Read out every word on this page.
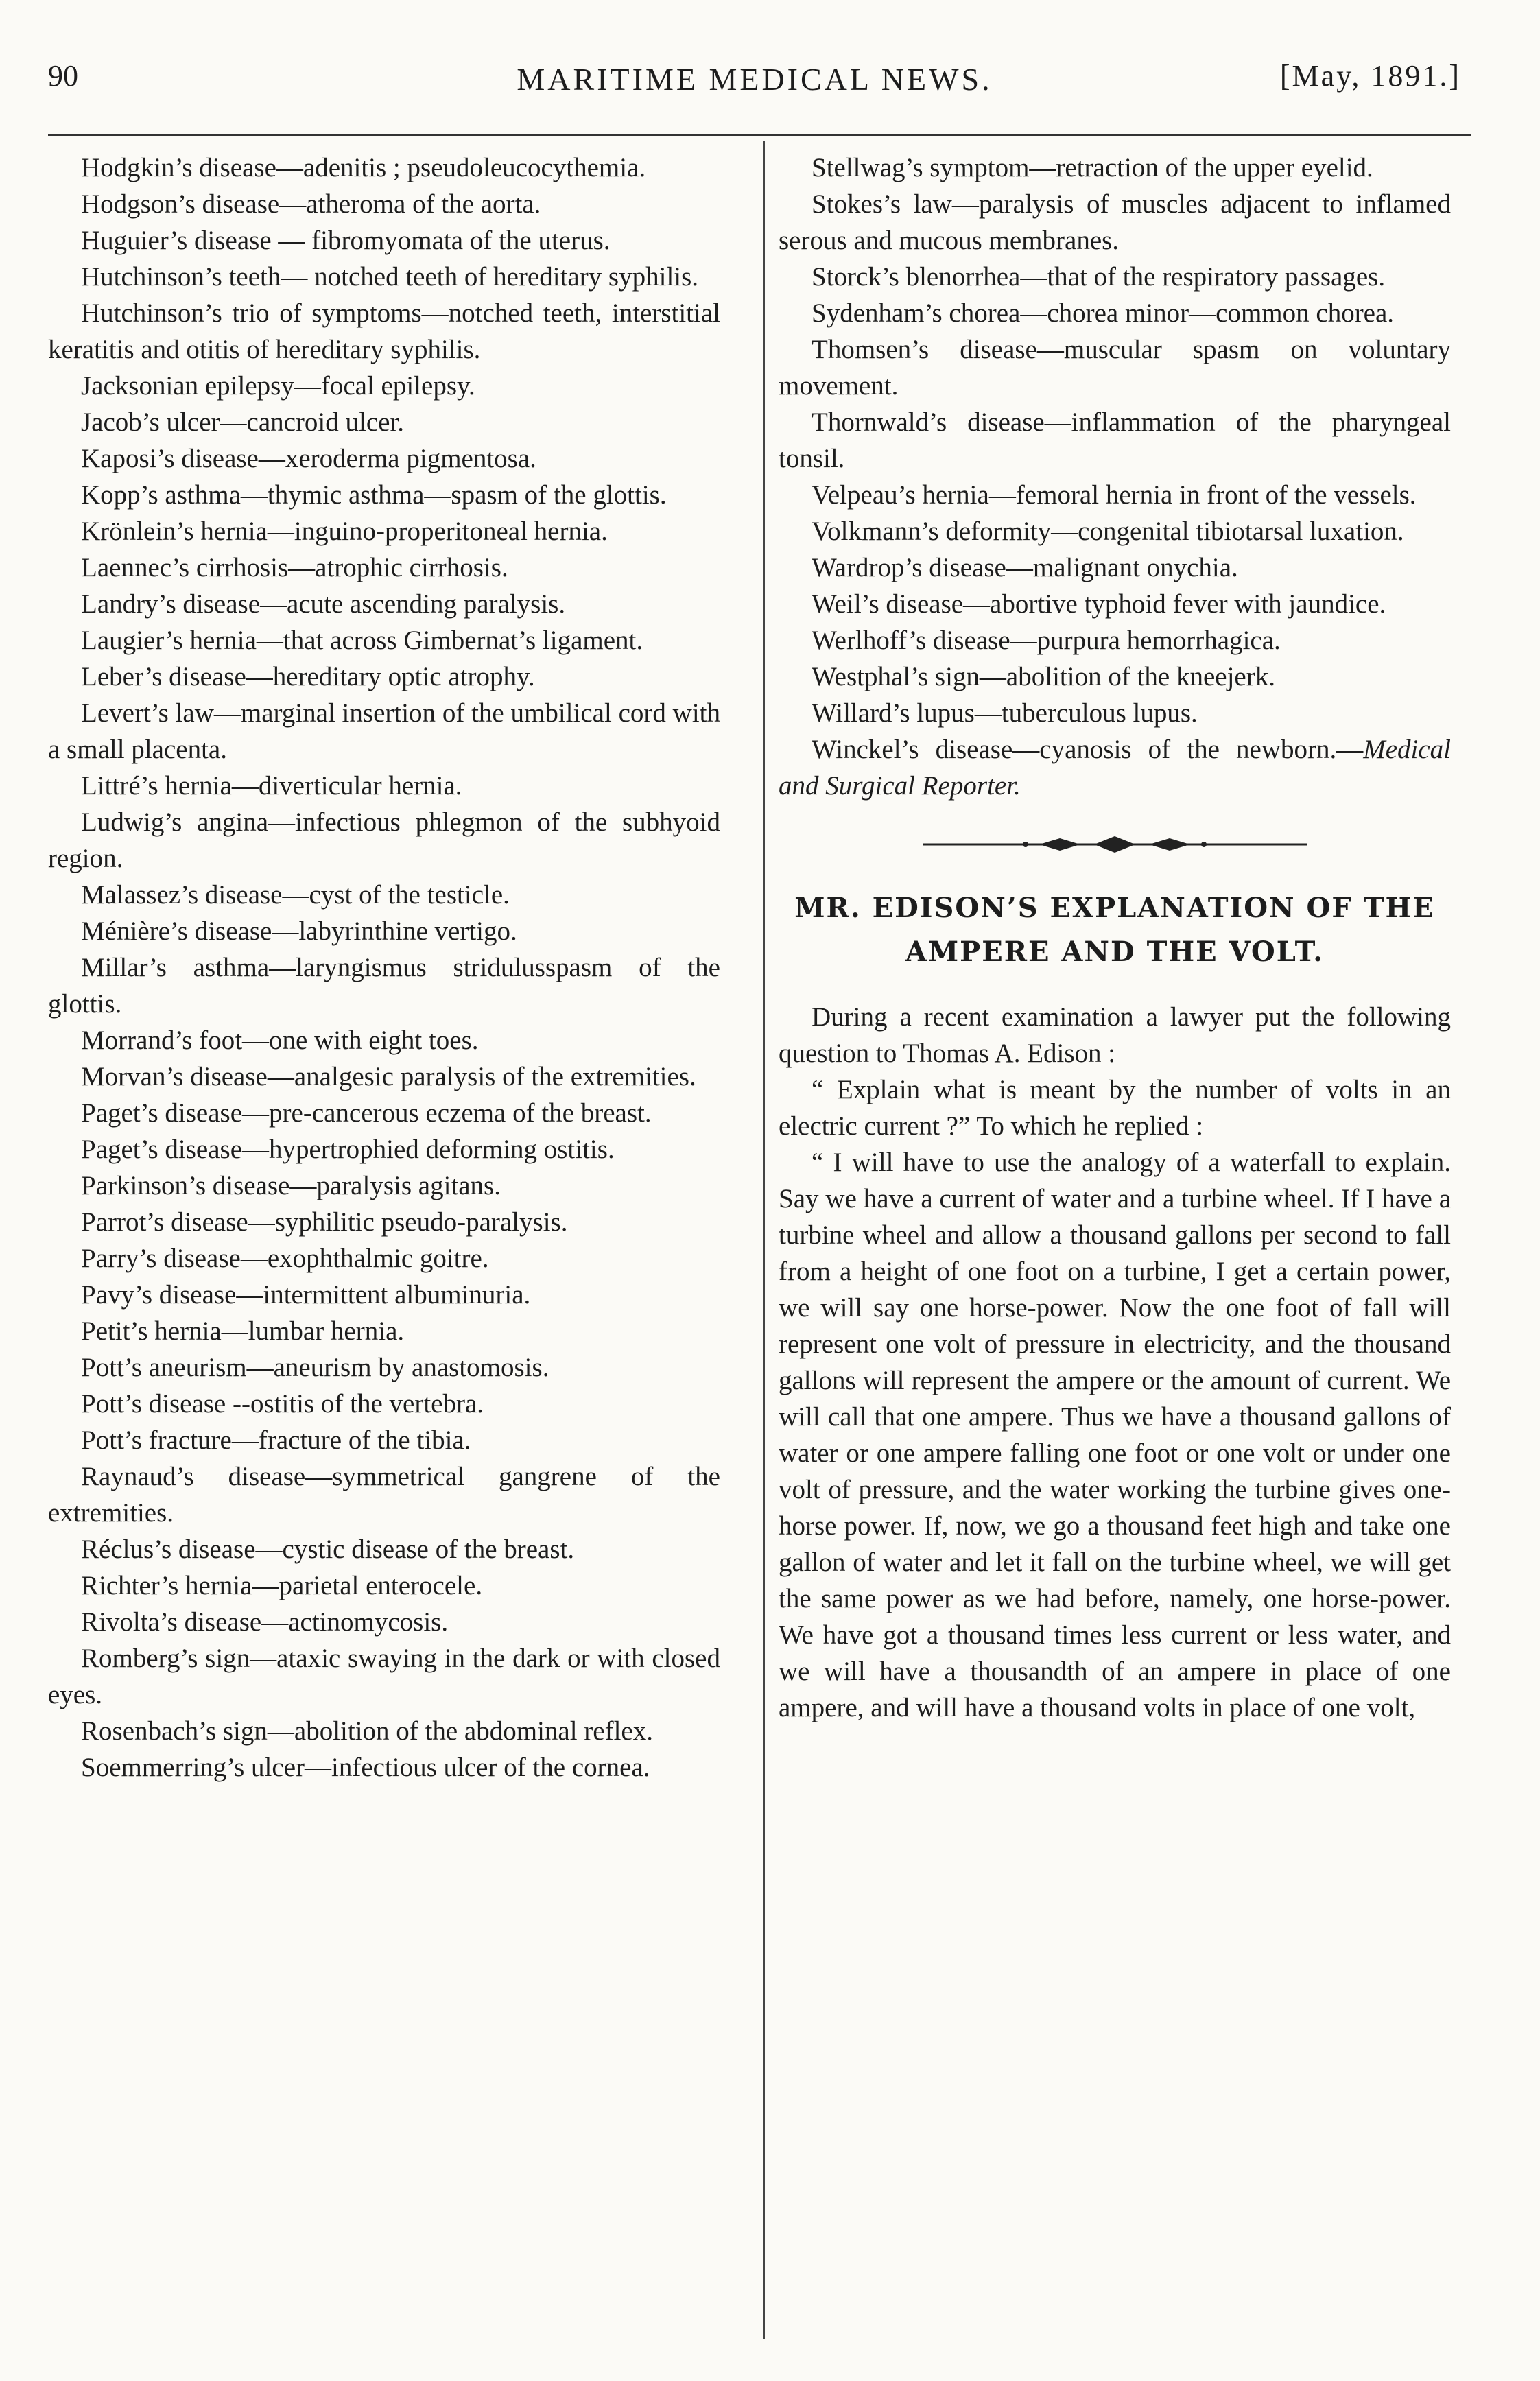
90	MARITIME MEDICAL NEWS.	[May, 1891.]

Hodgkin’s disease—adenitis ; pseudoleucocythemia.

Hodgson’s disease—atheroma of the aorta.

Huguier’s disease — fibromyomata of the uterus.

Hutchinson’s teeth— notched teeth of hereditary syphilis.

Hutchinson’s trio of symptoms—notched teeth, interstitial keratitis and otitis of hereditary syphilis.

Jacksonian epilepsy—focal epilepsy.

Jacob’s ulcer—cancroid ulcer.

Kaposi’s disease—xeroderma pigmentosa.

Kopp’s asthma—thymic asthma—spasm of the glottis.

Krönlein’s hernia—inguino-properitoneal hernia.

Laennec’s cirrhosis—atrophic cirrhosis.

Landry’s disease—acute ascending paralysis.

Laugier’s hernia—that across Gimbernat’s ligament.

Leber’s disease—hereditary optic atrophy.

Levert’s law—marginal insertion of the umbilical cord with a small placenta.

Littré’s hernia—diverticular hernia.

Ludwig’s angina—infectious phlegmon of the subhyoid region.

Malassez’s disease—cyst of the testicle.

Ménière’s disease—labyrinthine vertigo.

Millar’s asthma—laryngismus stridulusspasm of the glottis.

Morrand’s foot—one with eight toes.

Morvan’s disease—analgesic paralysis of the extremities.

Paget’s disease—pre-cancerous eczema of the breast.

Paget’s disease—hypertrophied deforming ostitis.

Parkinson’s disease—paralysis agitans.

Parrot’s disease—syphilitic pseudo-paralysis.

Parry’s disease—exophthalmic goitre.

Pavy’s disease—intermittent albuminuria.

Petit’s hernia—lumbar hernia.

Pott’s aneurism—aneurism by anastomosis.

Pott’s disease --ostitis of the vertebra.

Pott’s fracture—fracture of the tibia.

Raynaud’s disease—symmetrical gangrene of the extremities.

Réclus’s disease—cystic disease of the breast.

Richter’s hernia—parietal enterocele.

Rivolta’s disease—actinomycosis.

Romberg’s sign—ataxic swaying in the dark or with closed eyes.

Rosenbach’s sign—abolition of the abdominal reflex.

Soemmerring’s ulcer—infectious ulcer of the cornea.

Stellwag’s symptom—retraction of the upper eyelid.

Stokes’s law—paralysis of muscles adjacent to inflamed serous and mucous membranes.

Storck’s blenorrhea—that of the respiratory passages.

Sydenham’s chorea—chorea minor—common chorea.

Thomsen’s disease—muscular spasm on voluntary movement.

Thornwald’s disease—inflammation of the pharyngeal tonsil.

Velpeau’s hernia—femoral hernia in front of the vessels.

Volkmann’s deformity—congenital tibiotarsal luxation.

Wardrop’s disease—malignant onychia.

Weil’s disease—abortive typhoid fever with jaundice.

Werlhoff’s disease—purpura hemorrhagica.

Westphal’s sign—abolition of the kneejerk.

Willard’s lupus—tuberculous lupus.

Winckel’s disease—cyanosis of the newborn.—Medical and Surgical Reporter.

MR. EDISON’S EXPLANATION OF THE
AMPERE AND THE VOLT.

During a recent examination a lawyer put the following question to Thomas A. Edison :

“ Explain what is meant by the number of volts in an electric current ?” To which he replied :

“ I will have to use the analogy of a waterfall to explain. Say we have a current of water and a turbine wheel. If I have a turbine wheel and allow a thousand gallons per second to fall from a height of one foot on a turbine, I get a certain power, we will say one horse-power. Now the one foot of fall will represent one volt of pressure in electricity, and the thousand gallons will represent the ampere or the amount of current. We will call that one ampere. Thus we have a thousand gallons of water or one ampere falling one foot or one volt or under one volt of pressure, and the water working the turbine gives one-horse power. If, now, we go a thousand feet high and take one gallon of water and let it fall on the turbine wheel, we will get the same power as we had before, namely, one horse-power. We have got a thousand times less current or less water, and we will have a thousandth of an ampere in place of one ampere, and will have a thousand volts in place of one volt,
